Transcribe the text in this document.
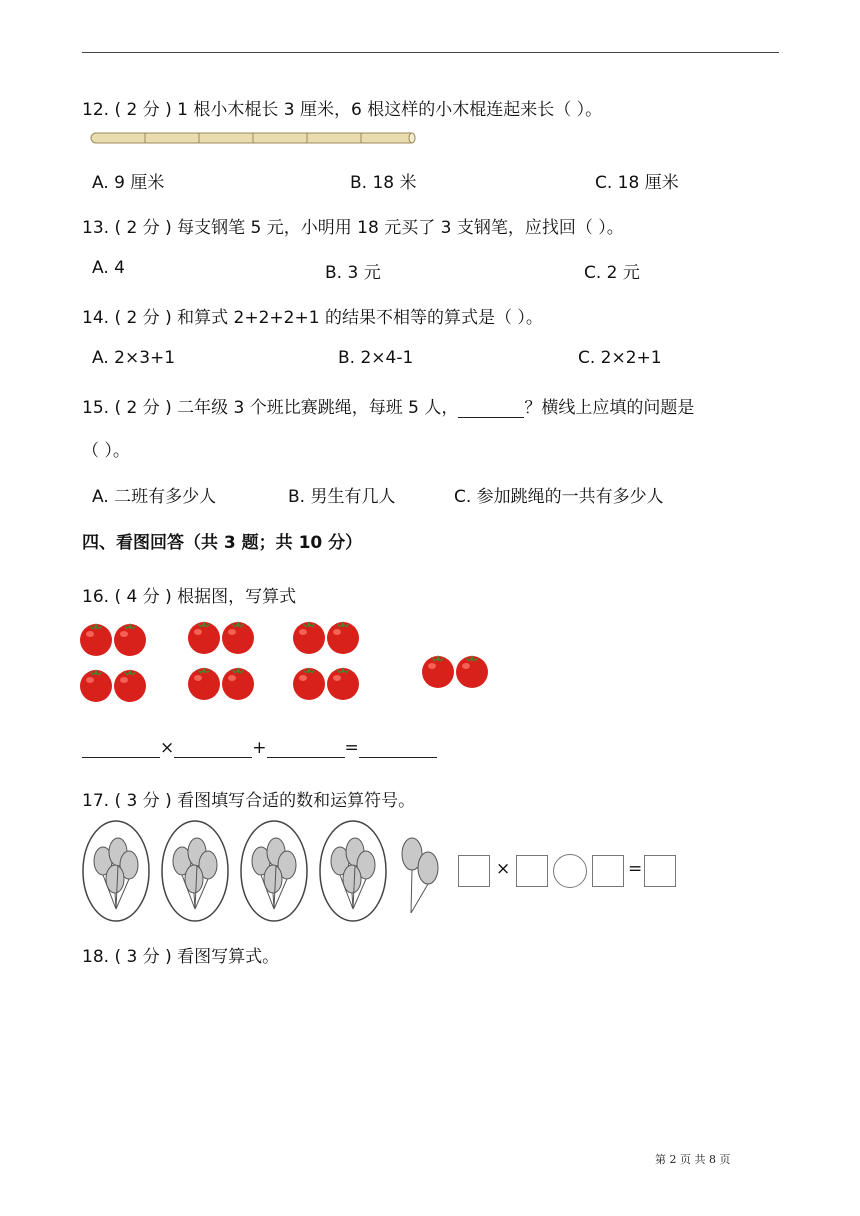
12. ( 2 分 ) 1 根小木棍长 3 厘米，6 根这样的小木棍连起来长（ ）。
A. 9 厘米	B. 18 米	C. 18 厘米
13. ( 2 分 ) 每支钢笔 5 元，小明用 18 元买了 3 支钢笔，应找回（ ）。
A. 4	B. 3 元	C. 2 元
14. ( 2 分 ) 和算式 2+2+2+1 的结果不相等的算式是（ ）。
A. 2×3+1	B. 2×4-1	C. 2×2+1
15. ( 2 分 ) 二年级 3 个班比赛跳绳，每班 5 人，	？横线上应填的问题是
（ ）。
A. 二班有多少人	B. 男生有几人	C. 参加跳绳的一共有多少人
四、看图回答（共 3 题；共 10 分）
16. ( 4 分 ) 根据图，写算式
×	+	=
17. ( 3 分 ) 看图填写合适的数和运算符号。
×	=
18. ( 3 分 ) 看图写算式。
第 2 页 共 8 页
